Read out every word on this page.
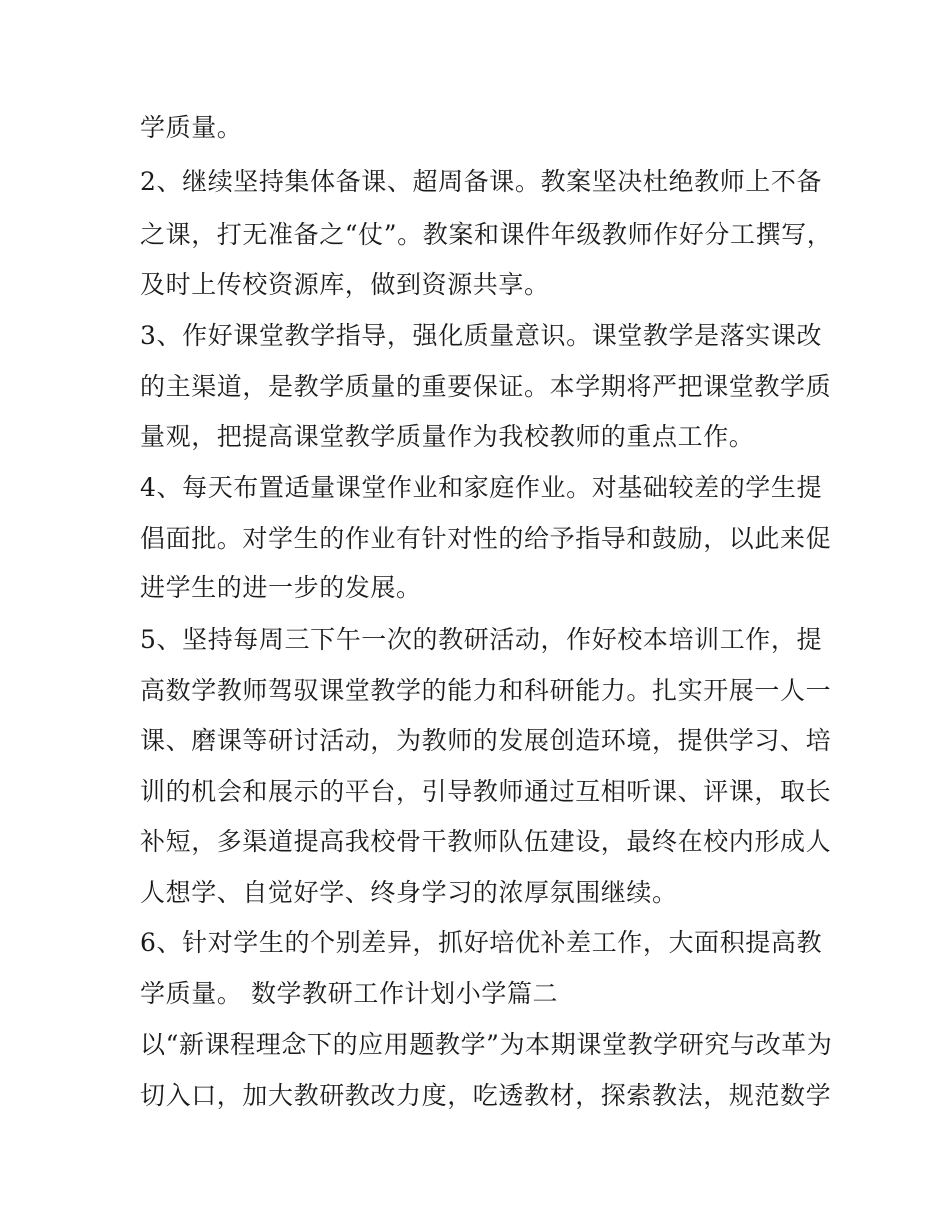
学质量。
2、继续坚持集体备课、超周备课。教案坚决杜绝教师上不备
之课，打无准备之“仗”。教案和课件年级教师作好分工撰写，
及时上传校资源库，做到资源共享。
3、作好课堂教学指导，强化质量意识。课堂教学是落实课改
的主渠道，是教学质量的重要保证。本学期将严把课堂教学质
量观，把提高课堂教学质量作为我校教师的重点工作。
4、每天布置适量课堂作业和家庭作业。对基础较差的学生提
倡面批。对学生的作业有针对性的给予指导和鼓励，以此来促
进学生的进一步的发展。
5、坚持每周三下午一次的教研活动，作好校本培训工作，提
高数学教师驾驭课堂教学的能力和科研能力。扎实开展一人一
课、磨课等研讨活动，为教师的发展创造环境，提供学习、培
训的机会和展示的平台，引导教师通过互相听课、评课，取长
补短，多渠道提高我校骨干教师队伍建设，最终在校内形成人
人想学、自觉好学、终身学习的浓厚氛围继续。
6、针对学生的个别差异，抓好培优补差工作，大面积提高教
学质量。 数学教研工作计划小学篇二
以“新课程理念下的应用题教学”为本期课堂教学研究与改革为
切入口，加大教研教改力度，吃透教材，探索教法，规范数学
